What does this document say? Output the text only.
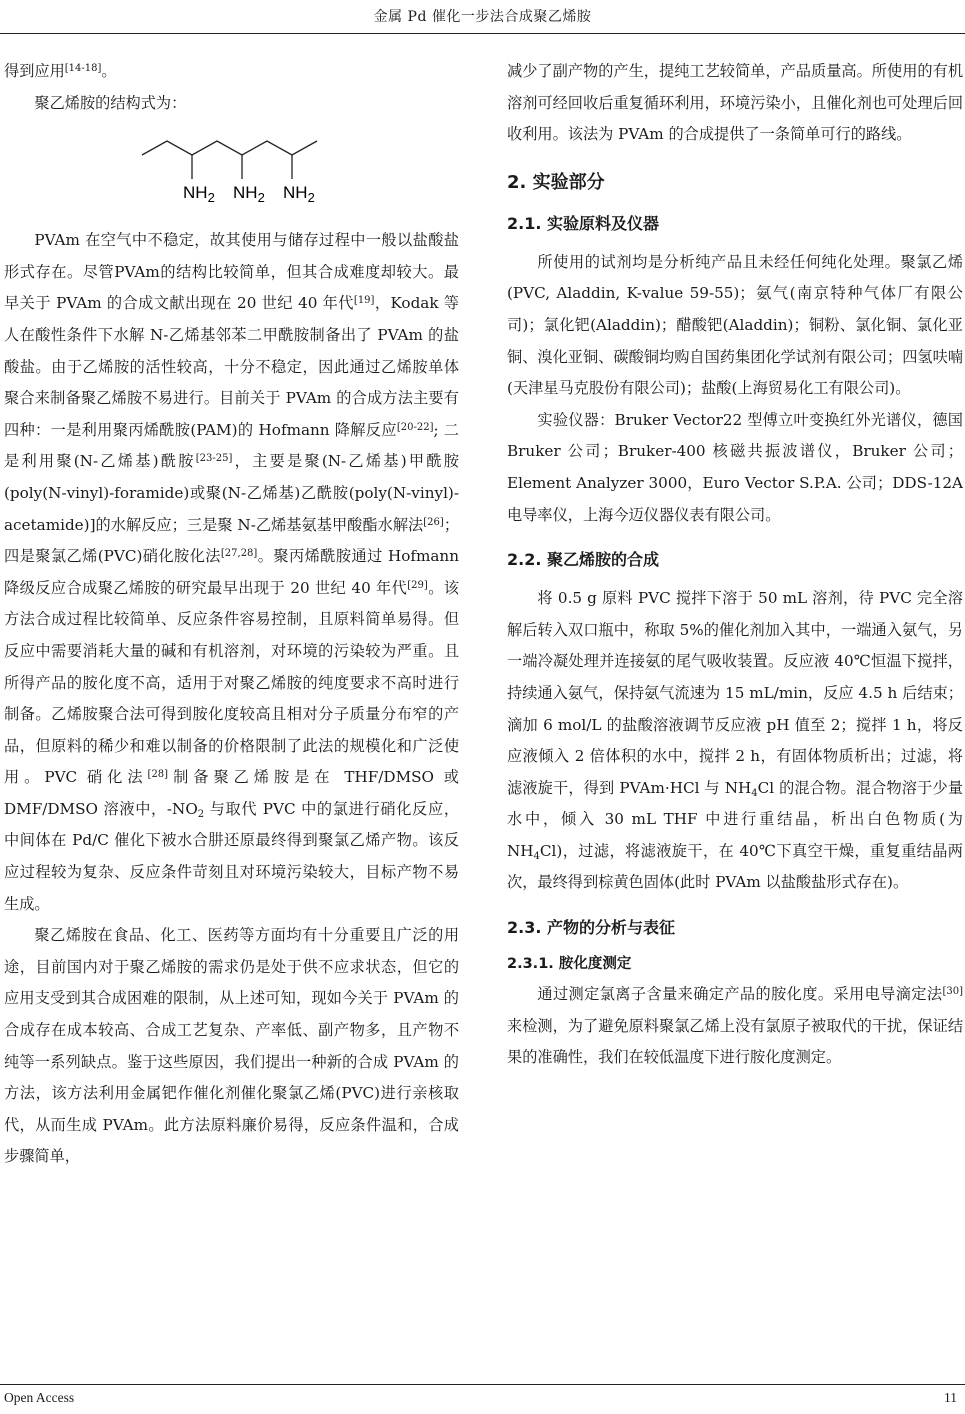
金属 Pd 催化一步法合成聚乙烯胺

得到应用[14-18]。

聚乙烯胺的结构式为：

$NH_2$ $NH_2$ $NH_2$

PVAm 在空气中不稳定，故其使用与储存过程中一般以盐酸盐形式存在。尽管PVAm的结构比较简单，但其合成难度却较大。最早关于 PVAm 的合成文献出现在 20 世纪 40 年代[19]，Kodak 等人在酸性条件下水解 N-乙烯基邻苯二甲酰胺制备出了 PVAm 的盐酸盐。由于乙烯胺的活性较高，十分不稳定，因此通过乙烯胺单体聚合来制备聚乙烯胺不易进行。目前关于 PVAm 的合成方法主要有四种：一是利用聚丙烯酰胺(PAM)的 Hofmann 降解反应[20-22]; 二是利用聚(N-乙烯基)酰胺[23-25]，主要是聚(N-乙烯基)甲酰胺(poly(N-vinyl)-foramide)或聚(N-乙烯基)乙酰胺(poly(N-vinyl)-acetamide)]的水解反应；三是聚 N-乙烯基氨基甲酸酯水解法[26]；四是聚氯乙烯(PVC)硝化胺化法[27,28]。聚丙烯酰胺通过 Hofmann 降级反应合成聚乙烯胺的研究最早出现于 20 世纪 40 年代[29]。该方法合成过程比较简单、反应条件容易控制，且原料简单易得。但反应中需要消耗大量的碱和有机溶剂，对环境的污染较为严重。且所得产品的胺化度不高，适用于对聚乙烯胺的纯度要求不高时进行制备。乙烯胺聚合法可得到胺化度较高且相对分子质量分布窄的产品，但原料的稀少和难以制备的价格限制了此法的规模化和广泛使用。PVC 硝化法[28]制备聚乙烯胺是在 THF/DMSO 或 DMF/DMSO 溶液中，$-NO_2$ 与取代 PVC 中的氯进行硝化反应，中间体在 Pd/C 催化下被水合肼还原最终得到聚氯乙烯产物。该反应过程较为复杂、反应条件苛刻且对环境污染较大，目标产物不易生成。

聚乙烯胺在食品、化工、医药等方面均有十分重要且广泛的用途，目前国内对于聚乙烯胺的需求仍是处于供不应求状态，但它的应用支受到其合成困难的限制，从上述可知，现如今关于 PVAm 的合成存在成本较高、合成工艺复杂、产率低、副产物多，且产物不纯等一系列缺点。鉴于这些原因，我们提出一种新的合成 PVAm 的方法，该方法利用金属钯作催化剂催化聚氯乙烯(PVC)进行亲核取代，从而生成 PVAm。此方法原料廉价易得，反应条件温和，合成步骤简单，

减少了副产物的产生，提纯工艺较简单，产品质量高。所使用的有机溶剂可经回收后重复循环利用，环境污染小，且催化剂也可处理后回收利用。该法为 PVAm 的合成提供了一条简单可行的路线。

2. 实验部分
2.1. 实验原料及仪器

所使用的试剂均是分析纯产品且未经任何纯化处理。聚氯乙烯(PVC, Aladdin, K-value 59-55)；氨气(南京特种气体厂有限公司)；氯化钯(Aladdin)；醋酸钯(Aladdin)；铜粉、氯化铜、氯化亚铜、溴化亚铜、碳酸铜均购自国药集团化学试剂有限公司；四氢呋喃(天津星马克股份有限公司)；盐酸(上海贸易化工有限公司)。

实验仪器：Bruker Vector22 型傅立叶变换红外光谱仪，德国 Bruker 公司；Bruker-400 核磁共振波谱仪，Bruker 公司；Element Analyzer 3000，Euro Vector S.P.A. 公司；DDS-12A 电导率仪，上海今迈仪器仪表有限公司。

2.2. 聚乙烯胺的合成

将 0.5 g 原料 PVC 搅拌下溶于 50 mL 溶剂，待 PVC 完全溶解后转入双口瓶中，称取 5%的催化剂加入其中，一端通入氨气，另一端冷凝处理并连接氨的尾气吸收装置。反应液 40℃恒温下搅拌，持续通入氨气，保持氨气流速为 15 mL/min，反应 4.5 h 后结束；滴加 6 mol/L 的盐酸溶液调节反应液 pH 值至 2；搅拌 1 h，将反应液倾入 2 倍体积的水中，搅拌 2 h，有固体物质析出；过滤，将滤液旋干，得到 PVAm·HCl 与 $NH_4Cl$ 的混合物。混合物溶于少量水中，倾入 30 mL THF 中进行重结晶，析出白色物质(为 $NH_4Cl$)，过滤，将滤液旋干，在 40℃下真空干燥，重复重结晶两次，最终得到棕黄色固体(此时 PVAm 以盐酸盐形式存在)。

2.3. 产物的分析与表征
2.3.1. 胺化度测定

通过测定氯离子含量来确定产品的胺化度。采用电导滴定法[30]来检测，为了避免原料聚氯乙烯上没有氯原子被取代的干扰，保证结果的准确性，我们在较低温度下进行胺化度测定。

Open Access	11
